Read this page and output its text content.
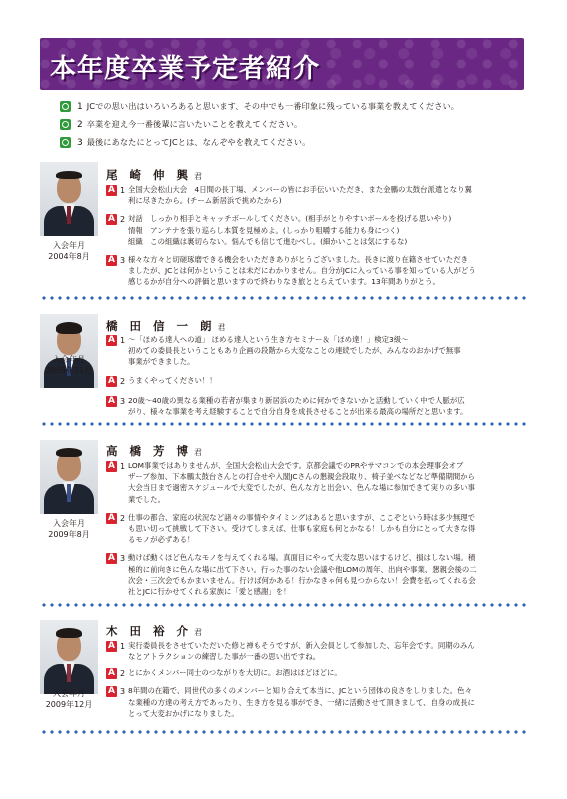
本年度卒業予定者紹介
1 JCでの思い出はいろいろあると思います、その中でも一番印象に残っている事業を教えてください。
2 卒業を迎え今一番後輩に言いたいことを教えてください。
3 最後にあなたにとってJCとは、なんぞやを教えてください。
入会年月
2004年8月
尾 崎 伸 興 君
A 1 全国大会松山大会　4日間の長丁場、メンバーの皆にお手伝いいただき、また金鵬の太鼓台派遣となり翼
利に尽きたから。(チーム新居浜で挑めたから)
A 2 対話　しっかり相手とキャッチボールしてください。(相手がとりやすいボールを投げる思いやり)
情報　アンテナを張り巡らし本質を見極めよ。(しっかり咀嚼する能力も身につく)
組織　この組織は裏切らない。悩んでも信じて進むべし。(細かいことは気にするな)
A 3 様々な方々と切磋琢磨できる機会をいただきありがとうございました。長きに渡り在籍させていただき
ましたが、JCとは何かということは未だにわかりません。自分がJCに入っている事を知っている人がどう
感じるかが自分への評価と思いますので終わりなき旅ととらえています。13年間ありがとう。
入会年月
2005年11月
橋 田 信 一 朗 君
A 1 ～「ほめる達人への道」 ほめる達人という生き方セミナー＆「ほめ達！」検定3級～
初めての委員長ということもあり企画の段階から大変なことの連続でしたが、みんなのおかげで無事
事業ができました。
A 2 うまくやってください！！
A 3 20歳～40歳の異なる業種の若者が集まり新居浜のために何かできないかと活動していく中で人脈が広
がり、様々な事業を考え経験することで自分自身を成長させることが出来る最高の場所だと思います。
入会年月
2009年8月
高 橋 芳 博 君
A 1 LOM事業ではありませんが、全国大会松山大会です。京都会議でのPRやサマコンでの本会理事会オブ
ザーブ参加、下本鵬太鼓台さんとの打合せや入閣JCさんの懇親会段取り、椅子並べなどなど準備期間から
大会当日まで過密スケジュールで大変でしたが、色んな方と出会い、色んな場に参加できて実りの多い事
業でした。
A 2 仕事の都合、家庭の状況など諸々の事情やタイミングはあると思いますが、ここぞという時は多少無理で
も思い切って挑戦して下さい。受けてしまえば、仕事も家庭も何とかなる！しかも自分にとって大きな得
るモノが必ずある！
A 3 動けば動くほど色んなモノを与えてくれる場。真面目にやって大変な思いはするけど、損はしない場。積
極的に前向きに色んな場に出て下さい。行った事のない会議や他LOMの周年、出向や事業、懇親会後の二
次会・三次会でもかまいません。行けば何かある！行かなきゃ何も見つからない！会費を払ってくれる会
社とJCに行かせてくれる家族に「愛と感謝」を！
入会年月
2009年12月
木 田 裕 介 君
A 1 実行委員長をさせていただいた修と禅もそうですが、新入会員として参加した、忘年会です。同期のみん
なとアトラクションの練習した事が一番の思い出ですね。
A 2 とにかくメンバー同士のつながりを大切に。お酒はほどほどに。
A 3 8年間の在籍で、同世代の多くのメンバーと知り合えて本当に、JCという団体の良さをしりました。色々
な業種の方達の考え方であったり、生き方を見る事ができ、一緒に活動させて頂きまして、自身の成長に
とって大変おかげになりました。
